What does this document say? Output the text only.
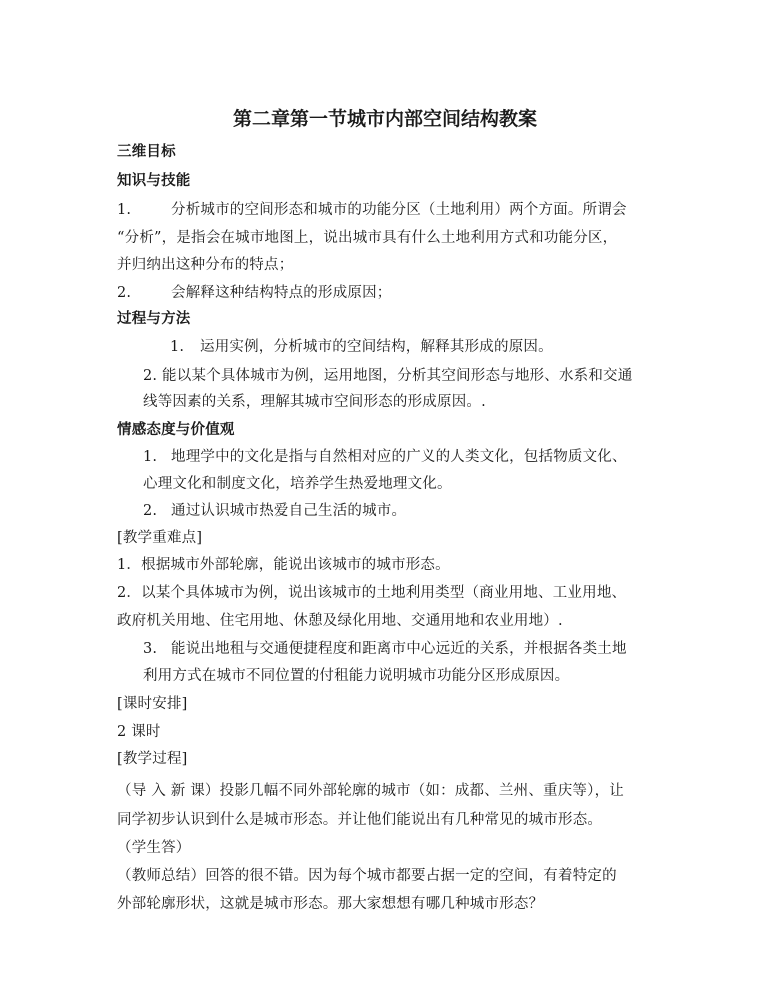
第二章第一节城市内部空间结构教案
三维目标
知识与技能
1.	分析城市的空间形态和城市的功能分区（土地利用）两个方面。所谓会
“分析”，是指会在城市地图上，说出城市具有什么土地利用方式和功能分区，
并归纳出这种分布的特点；
2.	会解释这种结构特点的形成原因；
过程与方法
1. 运用实例，分析城市的空间结构，解释其形成的原因。
2. 能以某个具体城市为例，运用地图，分析其空间形态与地形、水系和交通
线等因素的关系，理解其城市空间形态的形成原因。.
情感态度与价值观
1. 地理学中的文化是指与自然相对应的广义的人类文化，包括物质文化、
心理文化和制度文化，培养学生热爱地理文化。
2. 通过认识城市热爱自己生活的城市。
[教学重难点]
1．根据城市外部轮廓，能说出该城市的城市形态。
2．以某个具体城市为例，说出该城市的土地利用类型（商业用地、工业用地、
政府机关用地、住宅用地、休憩及绿化用地、交通用地和农业用地）.
3. 能说出地租与交通便捷程度和距离市中心远近的关系，并根据各类土地
利用方式在城市不同位置的付租能力说明城市功能分区形成原因。
[课时安排]
2 课时
[教学过程]
（导 入 新 课）投影几幅不同外部轮廓的城市（如：成都、兰州、重庆等），让
同学初步认识到什么是城市形态。并让他们能说出有几种常见的城市形态。
（学生答）
（教师总结）回答的很不错。因为每个城市都要占据一定的空间，有着特定的
外部轮廓形状，这就是城市形态。那大家想想有哪几种城市形态？
